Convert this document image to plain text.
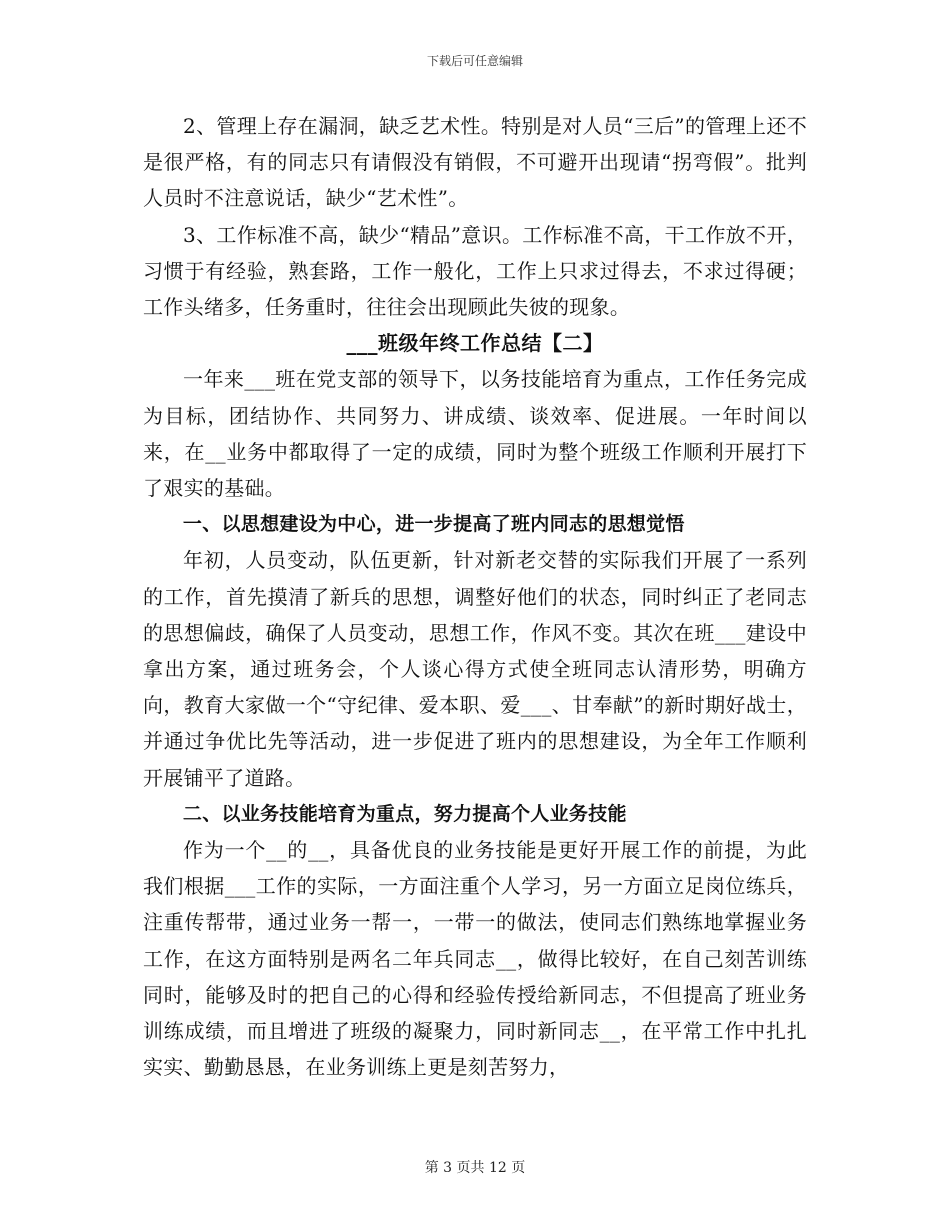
下载后可任意编辑

2、管理上存在漏洞，缺乏艺术性。特别是对人员“三后”的管理上还不是很严格，有的同志只有请假没有销假，不可避开出现请“拐弯假”。批判人员时不注意说话，缺少“艺术性”。

3、工作标准不高，缺少“精品”意识。工作标准不高，干工作放不开，习惯于有经验，熟套路，工作一般化，工作上只求过得去，不求过得硬；工作头绪多，任务重时，往往会出现顾此失彼的现象。

___班级年终工作总结【二】

一年来___班在党支部的领导下，以务技能培育为重点，工作任务完成为目标，团结协作、共同努力、讲成绩、谈效率、促进展。一年时间以来，在__业务中都取得了一定的成绩，同时为整个班级工作顺利开展打下了艰实的基础。

一、以思想建设为中心，进一步提高了班内同志的思想觉悟

年初，人员变动，队伍更新，针对新老交替的实际我们开展了一系列的工作，首先摸清了新兵的思想，调整好他们的状态，同时纠正了老同志的思想偏歧，确保了人员变动，思想工作，作风不变。其次在班___建设中拿出方案，通过班务会，个人谈心得方式使全班同志认清形势，明确方向，教育大家做一个“守纪律、爱本职、爱___、甘奉献”的新时期好战士，并通过争优比先等活动，进一步促进了班内的思想建设，为全年工作顺利开展铺平了道路。

二、以业务技能培育为重点，努力提高个人业务技能

作为一个__的__，具备优良的业务技能是更好开展工作的前提，为此我们根据___工作的实际，一方面注重个人学习，另一方面立足岗位练兵，注重传帮带，通过业务一帮一，一带一的做法，使同志们熟练地掌握业务工作，在这方面特别是两名二年兵同志__，做得比较好，在自己刻苦训练同时，能够及时的把自己的心得和经验传授给新同志，不但提高了班业务训练成绩，而且增进了班级的凝聚力，同时新同志__，在平常工作中扎扎实实、勤勤恳恳，在业务训练上更是刻苦努力，

第 3 页共 12 页
